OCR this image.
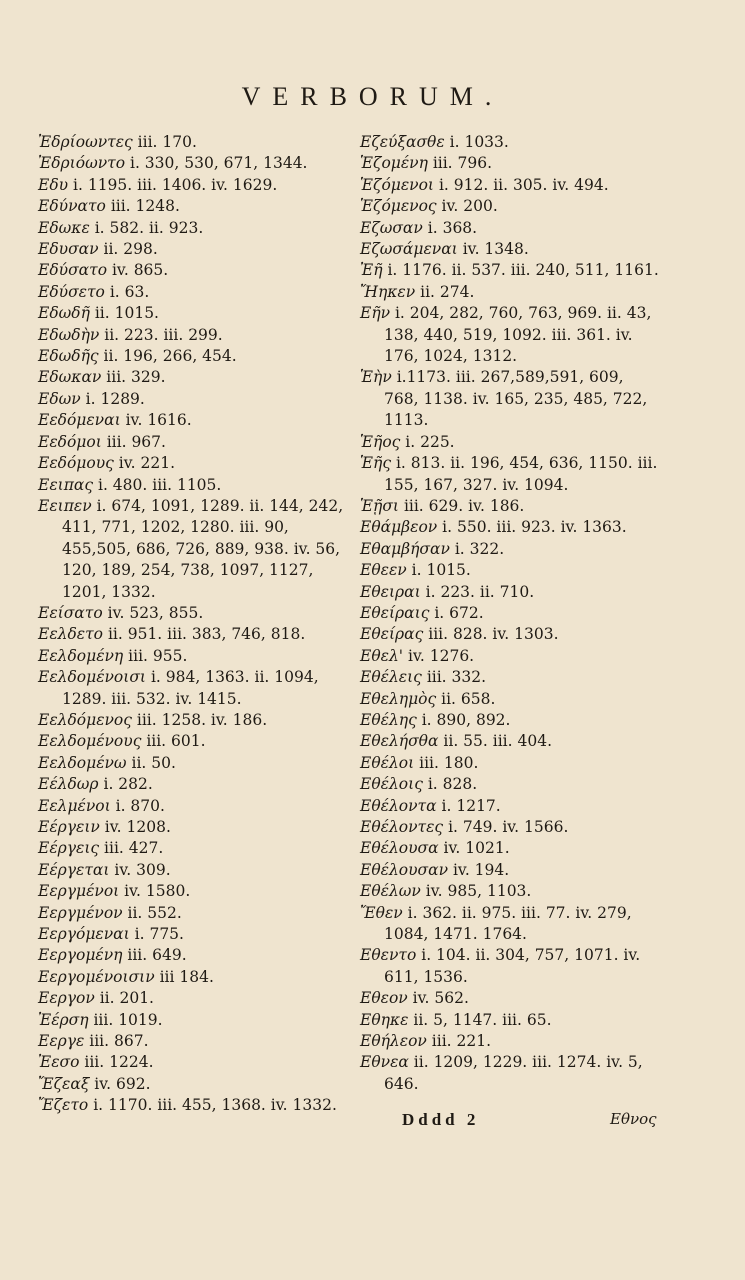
VERBORUM.
Ἐδρίοωντες iii. 170.
Ἐδριόωντο i. 330, 530, 671, 1344.
Εδυ i. 1195. iii. 1406. iv. 1629.
Εδύνατο iii. 1248.
Εδωκε i. 582. ii. 923.
Εδυσαν ii. 298.
Εδύσατο iv. 865.
Εδύσετο i. 63.
Εδωδῆ ii. 1015.
Εδωδὴν ii. 223. iii. 299.
Εδωδῆς ii. 196, 266, 454.
Εδωκαν iii. 329.
Εδων i. 1289.
Εεδόμεναι iv. 1616.
Εεδόμοι iii. 967.
Εεδόμους iv. 221.
Εειπας i. 480. iii. 1105.
Εειπεν i. 674, 1091, 1289. ii. 144, 242, 411, 771, 1202, 1280. iii. 90, 455,505, 686, 726, 889, 938. iv. 56, 120, 189, 254, 738, 1097, 1127, 1201, 1332.
Εείσατο iv. 523, 855.
Εελδετο ii. 951. iii. 383, 746, 818.
Εελδομένη iii. 955.
Εελδομένοισι i. 984, 1363. ii. 1094, 1289. iii. 532. iv. 1415.
Εελδόμενος iii. 1258. iv. 186.
Εελδομένους iii. 601.
Εελδομένω ii. 50.
Εέλδωρ i. 282.
Εελμένοι i. 870.
Εέργειν iv. 1208.
Εέργεις iii. 427.
Εέργεται iv. 309.
Εεργμένοι iv. 1580.
Εεργμένον ii. 552.
Εεργόμεναι i. 775.
Εεργομένη iii. 649.
Εεργομένοισιν iii 184.
Εεργον ii. 201.
Ἐέρση iii. 1019.
Εεργε iii. 867.
Ἐεσο iii. 1224.
Ἔζεαξ iv. 692.
Ἔζετο i. 1170. iii. 455, 1368. iv. 1332.
Εζεύξασθε i. 1033.
Ἑζομένη iii. 796.
Ἑζόμενοι i. 912. ii. 305. iv. 494.
Ἑζόμενος iv. 200.
Εζωσαν i. 368.
Εζωσάμεναι iv. 1348.
Ἐῆ i. 1176. ii. 537. iii. 240, 511, 1161.
Ἤηκεν ii. 274.
Εῆν i. 204, 282, 760, 763, 969. ii. 43, 138, 440, 519, 1092. iii. 361. iv. 176, 1024, 1312.
Ἑὴν i.1173. iii. 267,589,591, 609, 768, 1138. iv. 165, 235, 485, 722, 1113.
Ἑῆος i. 225.
Ἑῆς i. 813. ii. 196, 454, 636, 1150. iii. 155, 167, 327. iv. 1094.
Ἑῇσι iii. 629. iv. 186.
Εθάμβεον i. 550. iii. 923. iv. 1363.
Εθαμβήσαν i. 322.
Εθεεν i. 1015.
Εθειραι i. 223. ii. 710.
Εθείραις i. 672.
Εθείρας iii. 828. iv. 1303.
Εθελ' iv. 1276.
Εθέλεις iii. 332.
Εθελημὸς ii. 658.
Εθέλης i. 890, 892.
Εθελήσθα ii. 55. iii. 404.
Εθέλοι iii. 180.
Εθέλοις i. 828.
Εθέλοντα i. 1217.
Εθέλοντες i. 749. iv. 1566.
Εθέλουσα iv. 1021.
Εθέλουσαν iv. 194.
Εθέλων iv. 985, 1103.
Ἔθεν i. 362. ii. 975. iii. 77. iv. 279, 1084, 1471. 1764.
Εθεντο i. 104. ii. 304, 757, 1071. iv. 611, 1536.
Εθεον iv. 562.
Εθηκε ii. 5, 1147. iii. 65.
Εθήλεον iii. 221.
Εθνεα ii. 1209, 1229. iii. 1274. iv. 5, 646.
Dddd 2	Εθνος
